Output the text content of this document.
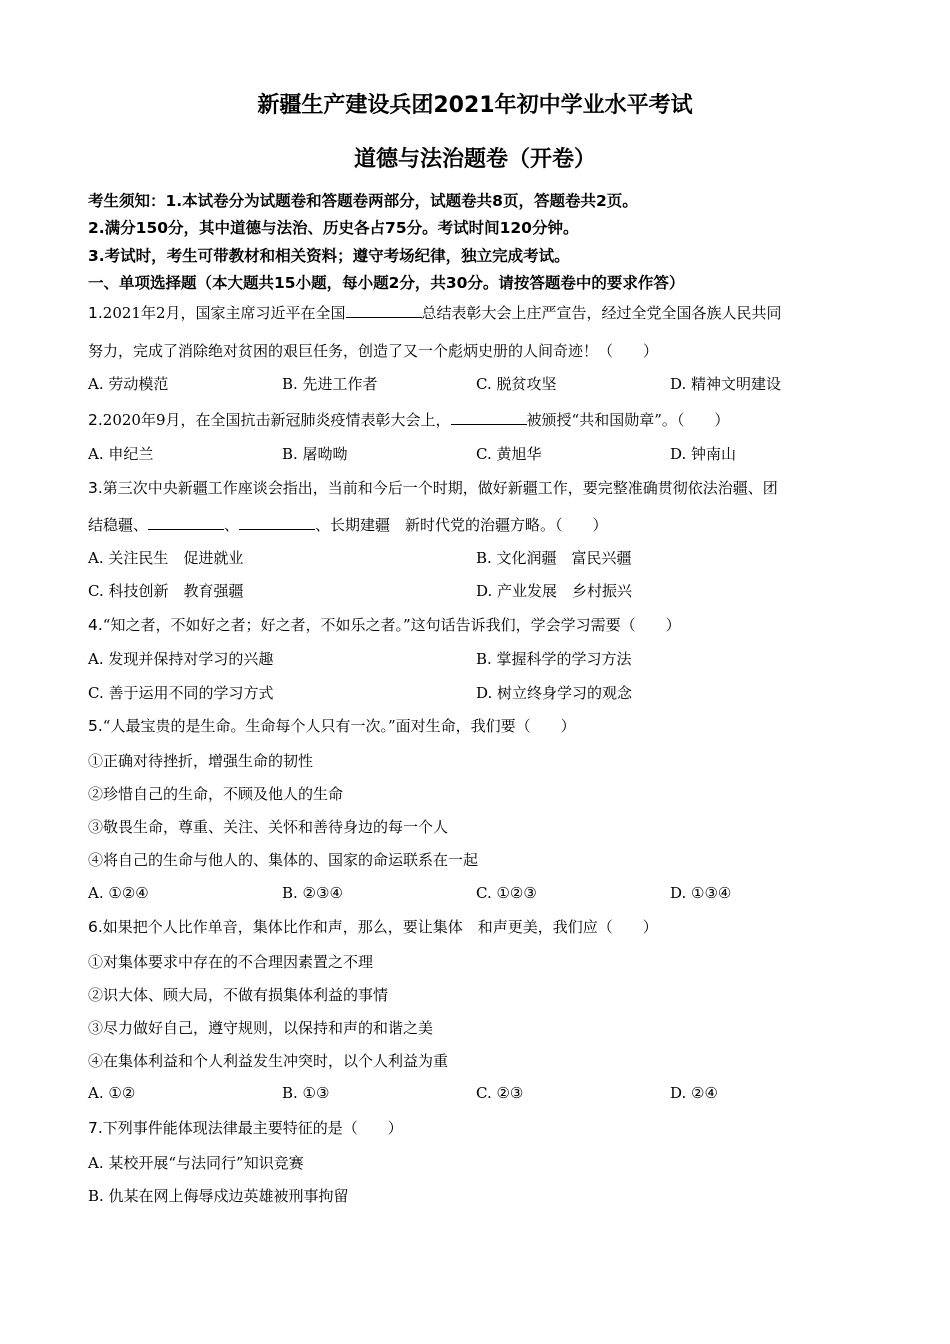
新疆生产建设兵团2021年初中学业水平考试
道德与法治题卷（开卷）
考生须知：1.本试卷分为试题卷和答题卷两部分，试题卷共8页，答题卷共2页。
2.满分150分，其中道德与法治、历史各占75分。考试时间120分钟。
3.考试时，考生可带教材和相关资料；遵守考场纪律，独立完成考试。
一、单项选择题（本大题共15小题，每小题2分，共30分。请按答题卷中的要求作答）
1.2021年2月，国家主席习近平在全国	总结表彰大会上庄严宣告，经过全党全国各族人民共同
努力，完成了消除绝对贫困的艰巨任务，创造了又一个彪炳史册的人间奇迹！（　　）
A. 劳动模范	B. 先进工作者	C. 脱贫攻坚	D. 精神文明建设
2.2020年9月，在全国抗击新冠肺炎疫情表彰大会上，	被颁授“共和国勋章”。（　　）
A. 申纪兰	B. 屠呦呦	C. 黄旭华	D. 钟南山
3.第三次中央新疆工作座谈会指出，当前和今后一个时期，做好新疆工作，要完整准确贯彻依法治疆、团
结稳疆、	、	、长期建疆　新时代党的治疆方略。（　　）
A. 关注民生　促进就业	B. 文化润疆　富民兴疆
C. 科技创新　教育强疆	D. 产业发展　乡村振兴
4.“知之者，不如好之者；好之者，不如乐之者。”这句话告诉我们，学会学习需要（　　）
A. 发现并保持对学习的兴趣	B. 掌握科学的学习方法
C. 善于运用不同的学习方式	D. 树立终身学习的观念
5.“人最宝贵的是生命。生命每个人只有一次。”面对生命，我们要（　　）
①正确对待挫折，增强生命的韧性
②珍惜自己的生命，不顾及他人的生命
③敬畏生命，尊重、关注、关怀和善待身边的每一个人
④将自己的生命与他人的、集体的、国家的命运联系在一起
A. ①②④	B. ②③④	C. ①②③	D. ①③④
6.如果把个人比作单音，集体比作和声，那么，要让集体　和声更美，我们应（　　）
①对集体要求中存在的不合理因素置之不理
②识大体、顾大局，不做有损集体利益的事情
③尽力做好自己，遵守规则，以保持和声的和谐之美
④在集体利益和个人利益发生冲突时，以个人利益为重
A. ①②	B. ①③	C. ②③	D. ②④
7.下列事件能体现法律最主要特征的是（　　）
A. 某校开展“与法同行”知识竞赛
B. 仇某在网上侮辱戍边英雄被刑事拘留
